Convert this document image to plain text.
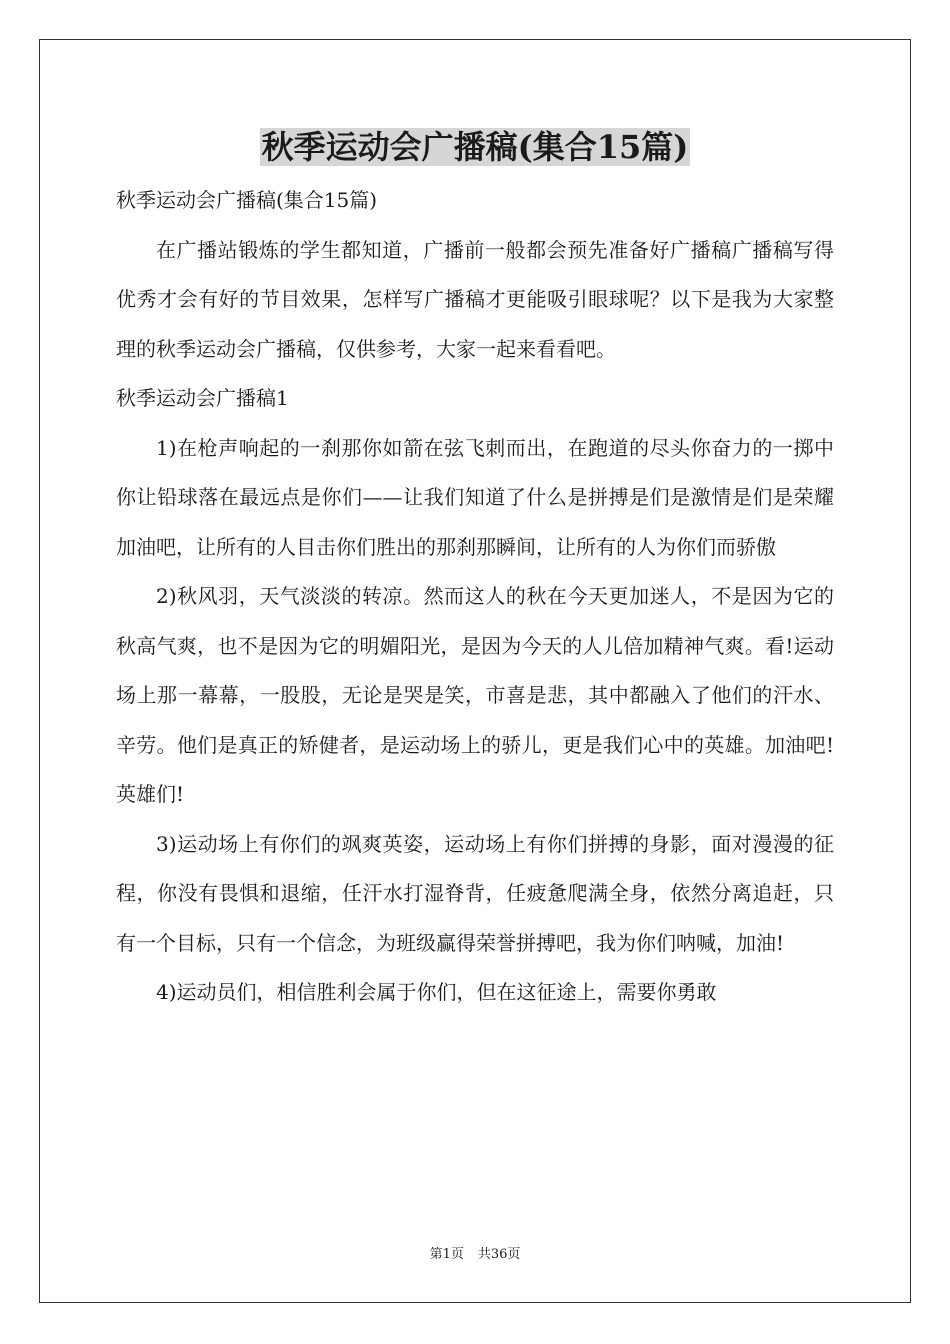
秋季运动会广播稿(集合15篇)

秋季运动会广播稿(集合15篇)

在广播站锻炼的学生都知道，广播前一般都会预先准备好广播稿广播稿写得优秀才会有好的节目效果，怎样写广播稿才更能吸引眼球呢？以下是我为大家整理的秋季运动会广播稿，仅供参考，大家一起来看看吧。

秋季运动会广播稿1

1)在枪声响起的一刹那你如箭在弦飞刺而出，在跑道的尽头你奋力的一掷中你让铅球落在最远点是你们——让我们知道了什么是拼搏是们是激情是们是荣耀加油吧，让所有的人目击你们胜出的那刹那瞬间，让所有的人为你们而骄傲

2)秋风羽，天气淡淡的转凉。然而这人的秋在今天更加迷人，不是因为它的秋高气爽，也不是因为它的明媚阳光，是因为今天的人儿倍加精神气爽。看!运动场上那一幕幕，一股股，无论是哭是笑，市喜是悲，其中都融入了他们的汗水、辛劳。他们是真正的矫健者，是运动场上的骄儿，更是我们心中的英雄。加油吧!英雄们!

3)运动场上有你们的飒爽英姿，运动场上有你们拼搏的身影，面对漫漫的征程，你没有畏惧和退缩，任汗水打湿脊背，任疲惫爬满全身，依然分离追赶，只有一个目标，只有一个信念，为班级赢得荣誉拼搏吧，我为你们呐喊，加油!

4)运动员们，相信胜利会属于你们，但在这征途上，需要你勇敢

第1页 共36页
